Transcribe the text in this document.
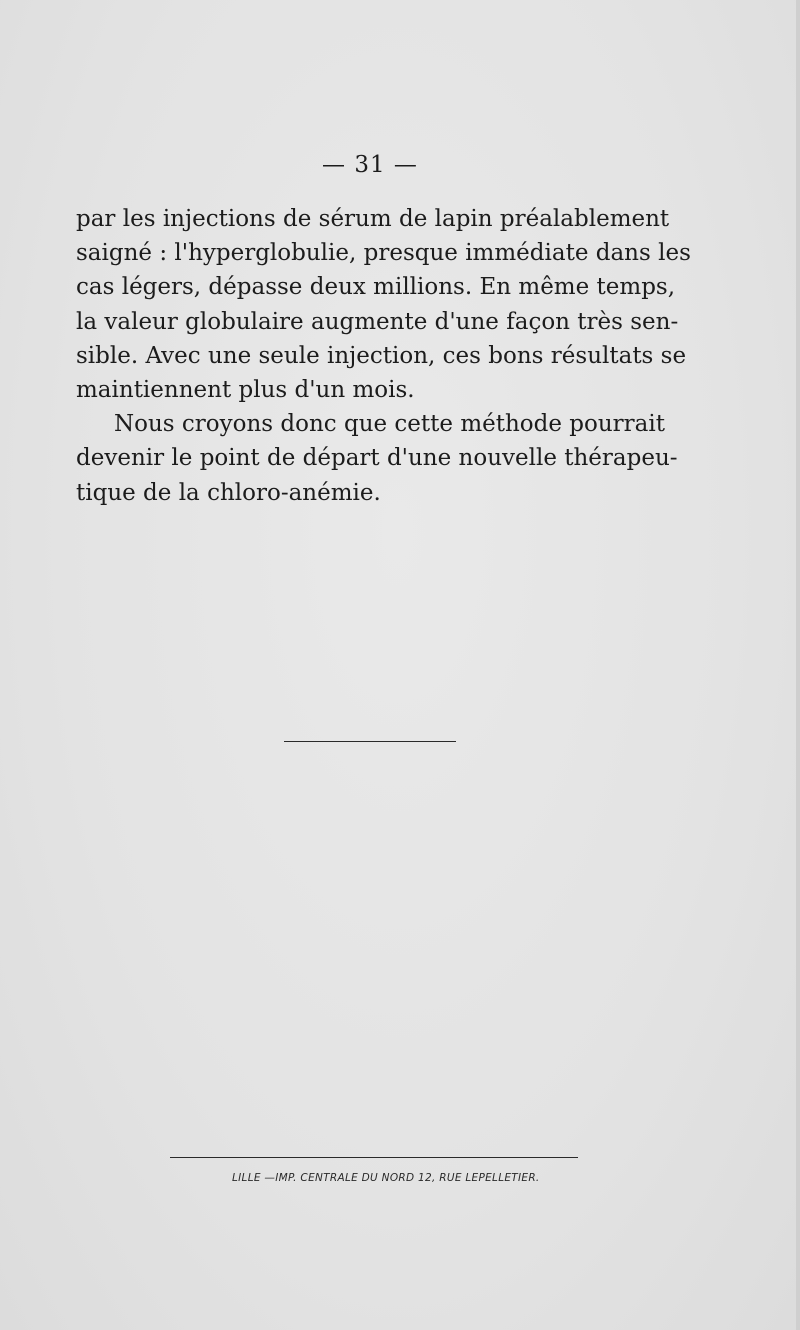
— 31 —
par les injections de sérum de lapin préalablement
saigné : l'hyperglobulie, presque immédiate dans les
cas légers, dépasse deux millions. En même temps,
la valeur globulaire augmente d'une façon très sen-
sible. Avec une seule injection, ces bons résultats se
maintiennent plus d'un mois.
Nous croyons donc que cette méthode pourrait
devenir le point de départ d'une nouvelle thérapeu-
tique de la chloro-anémie.
LILLE —IMP. CENTRALE DU NORD 12, RUE LEPELLETIER.
